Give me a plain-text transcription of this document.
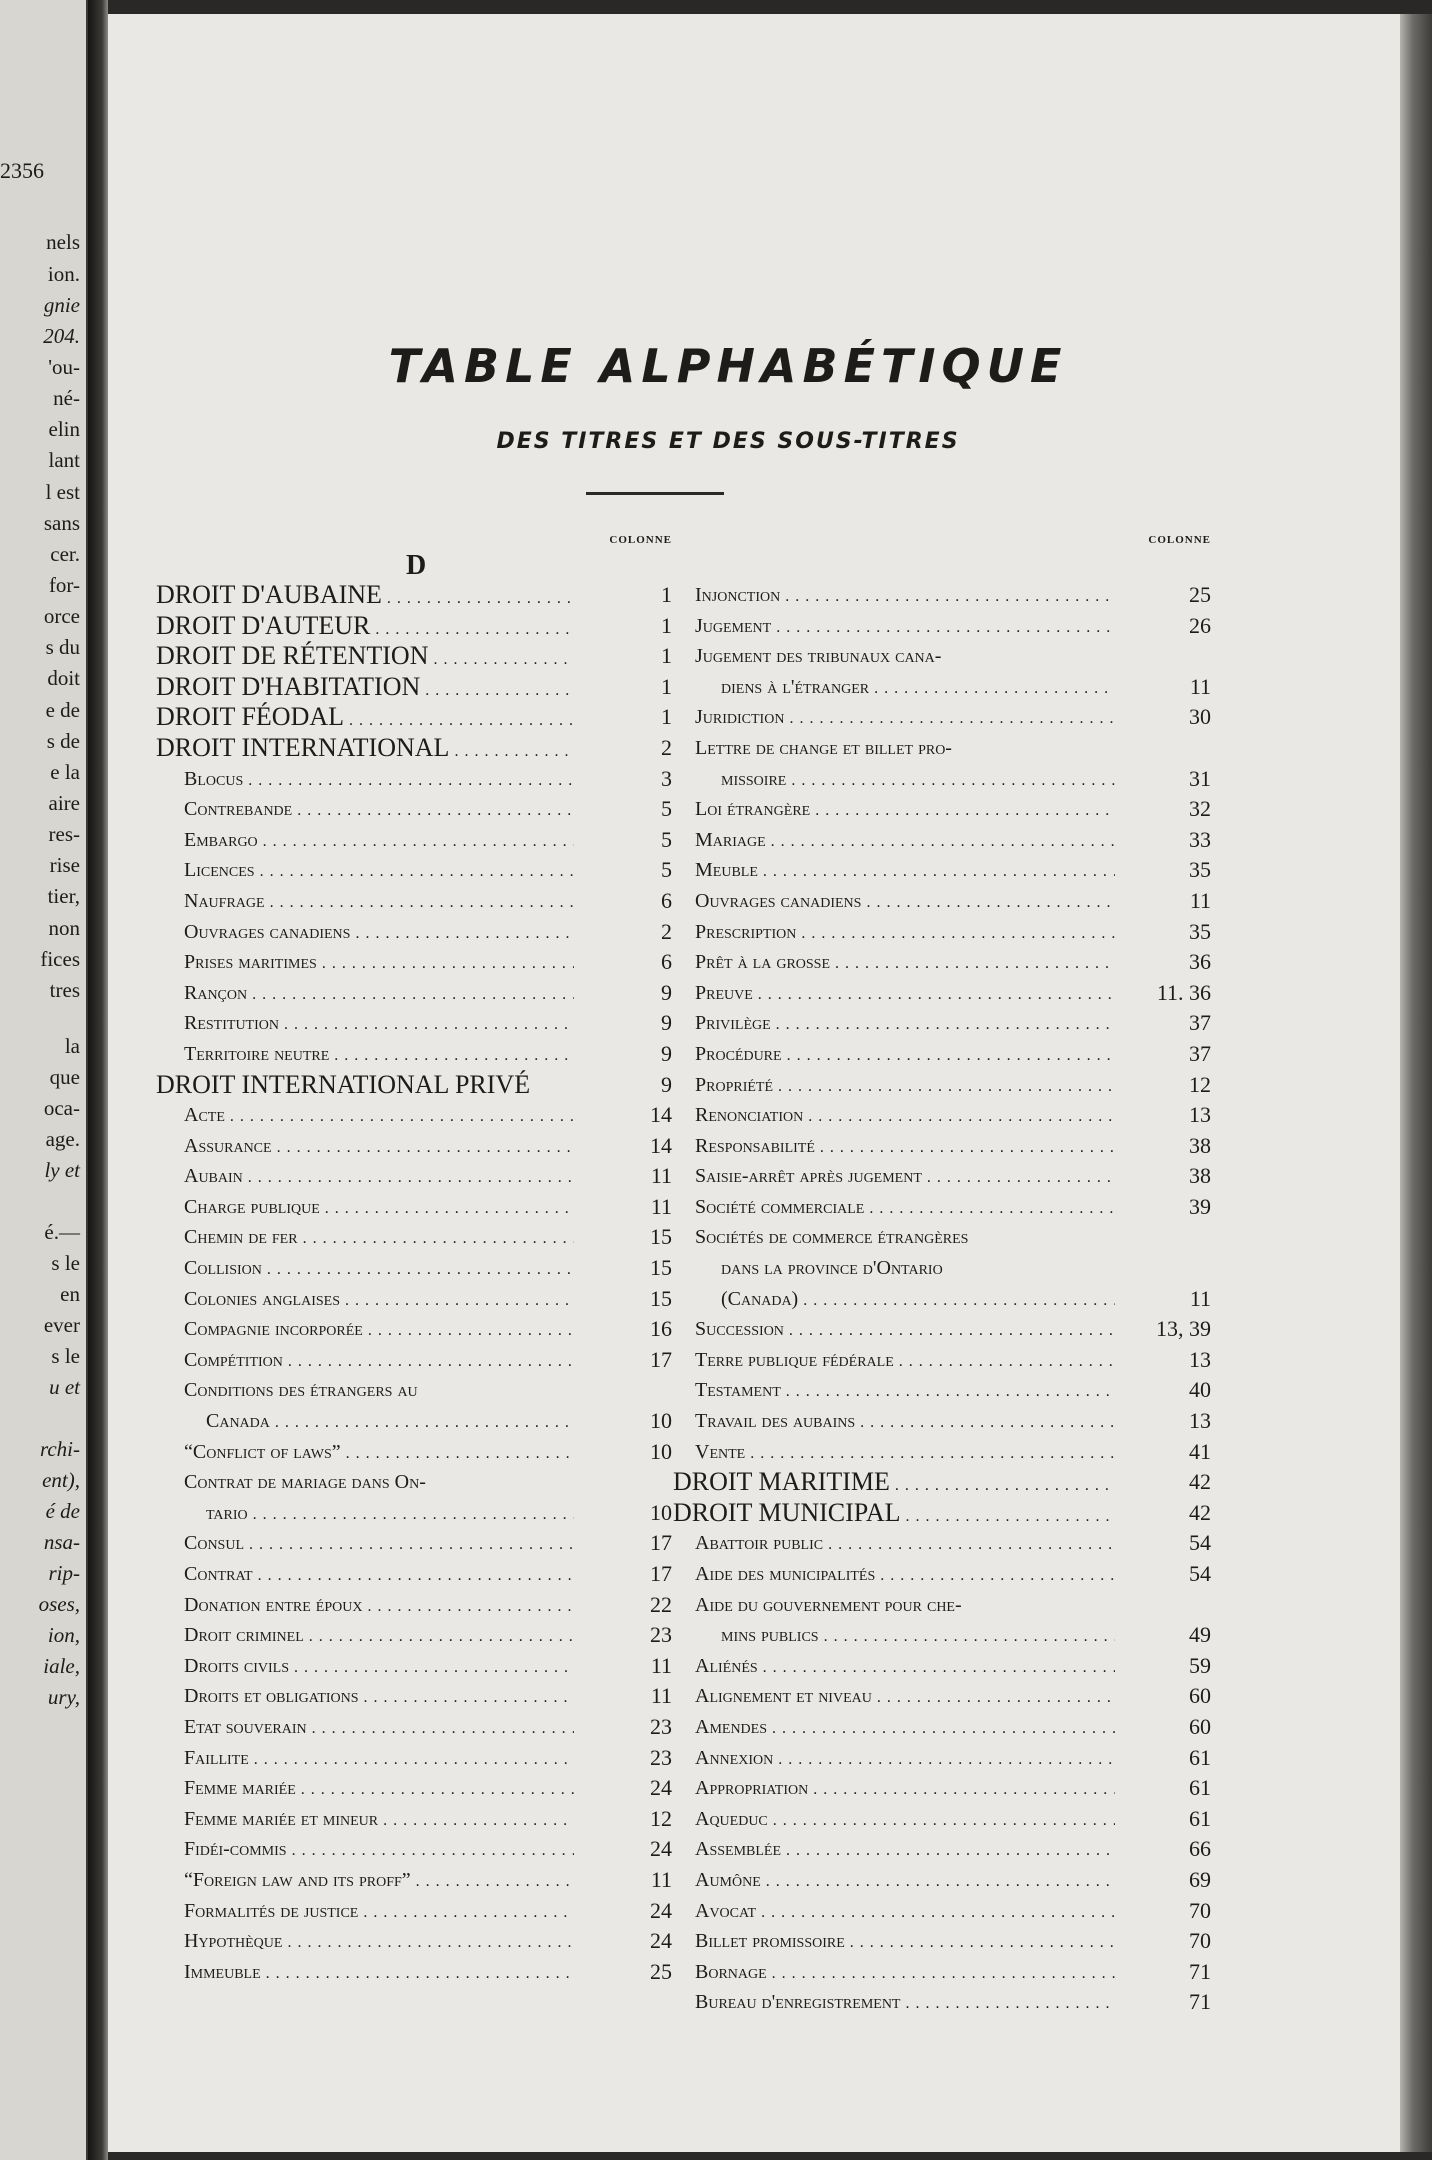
2356
nels
ion.
gnie
204.
'ou-
né-
elin
lant
l est
sans
cer.
for-
orce
s du
doit
e de
s de
e la
aire
res-
rise
tier,
non
fices
tres
la
que
oca-
age.
ly et
é.—
s le
en
ever
s le
u et
rchi-
ent),
é de
nsa-
rip-
oses,
ion,
iale,
ury,
TABLE ALPHABÉTIQUE
DES TITRES ET DES SOUS-TITRES
COLONNE
D
DROIT D'AUBAINE . . .	1
DROIT D'AUTEUR . . .	1
DROIT DE RÉTENTION . . .	1
DROIT D'HABITATION . . .	1
DROIT FÉODAL . . .	1
DROIT INTERNATIONAL . . .	2
Blocus . . .	3
Contrebande . . .	5
Embargo . . .	5
Licences . . .	5
Naufrage . . .	6
Ouvrages canadiens . . .	2
Prises maritimes . . .	6
Rançon . . .	9
Restitution . . .	9
Territoire neutre . . .	9
DROIT INTERNATIONAL PRIVÉ	9
Acte . . .	14
Assurance . . .	14
Aubain . . .	11
Charge publique . . .	11
Chemin de fer . . .	15
Collision . . .	15
Colonies anglaises . . .	15
Compagnie incorporée . . .	16
Compétition . . .	17
Conditions des étrangers au
Canada . . .	10
“Conflict of laws” . . .	10
Contrat de mariage dans On-
tario . . .	10
Consul . . .	17
Contrat . . .	17
Donation entre époux . . .	22
Droit criminel . . .	23
Droits civils . . .	11
Droits et obligations . . .	11
Etat souverain . . .	23
Faillite . . .	23
Femme mariée . . .	24
Femme mariée et mineur . . .	12
Fidéi-commis . . .	24
“Foreign law and its proff” . . .	11
Formalités de justice . . .	24
Hypothèque . . .	24
Immeuble . . .	25
COLONNE
Injonction . . .	25
Jugement . . .	26
Jugement des tribunaux cana-
diens à l'étranger . . .	11
Juridiction . . .	30
Lettre de change et billet pro-
missoire . . .	31
Loi étrangère . . .	32
Mariage . . .	33
Meuble . . .	35
Ouvrages canadiens . . .	11
Prescription . . .	35
Prêt à la grosse . . .	36
Preuve . . .	11. 36
Privilège . . .	37
Procédure . . .	37
Propriété . . .	12
Renonciation . . .	13
Responsabilité . . .	38
Saisie-arrêt après jugement . . .	38
Société commerciale . . .	39
Sociétés de commerce étrangères
dans la province d'Ontario
(Canada) . . .	11
Succession . . .	13, 39
Terre publique fédérale . . .	13
Testament . . .	40
Travail des aubains . . .	13
Vente . . .	41
DROIT MARITIME . . .	42
DROIT MUNICIPAL . . .	42
Abattoir public . . .	54
Aide des municipalités . . .	54
Aide du gouvernement pour che-
mins publics . . .	49
Aliénés . . .	59
Alignement et niveau . . .	60
Amendes . . .	60
Annexion . . .	61
Appropriation . . .	61
Aqueduc . . .	61
Assemblée . . .	66
Aumône . . .	69
Avocat . . .	70
Billet promissoire . . .	70
Bornage . . .	71
Bureau d'enregistrement . . .	71
